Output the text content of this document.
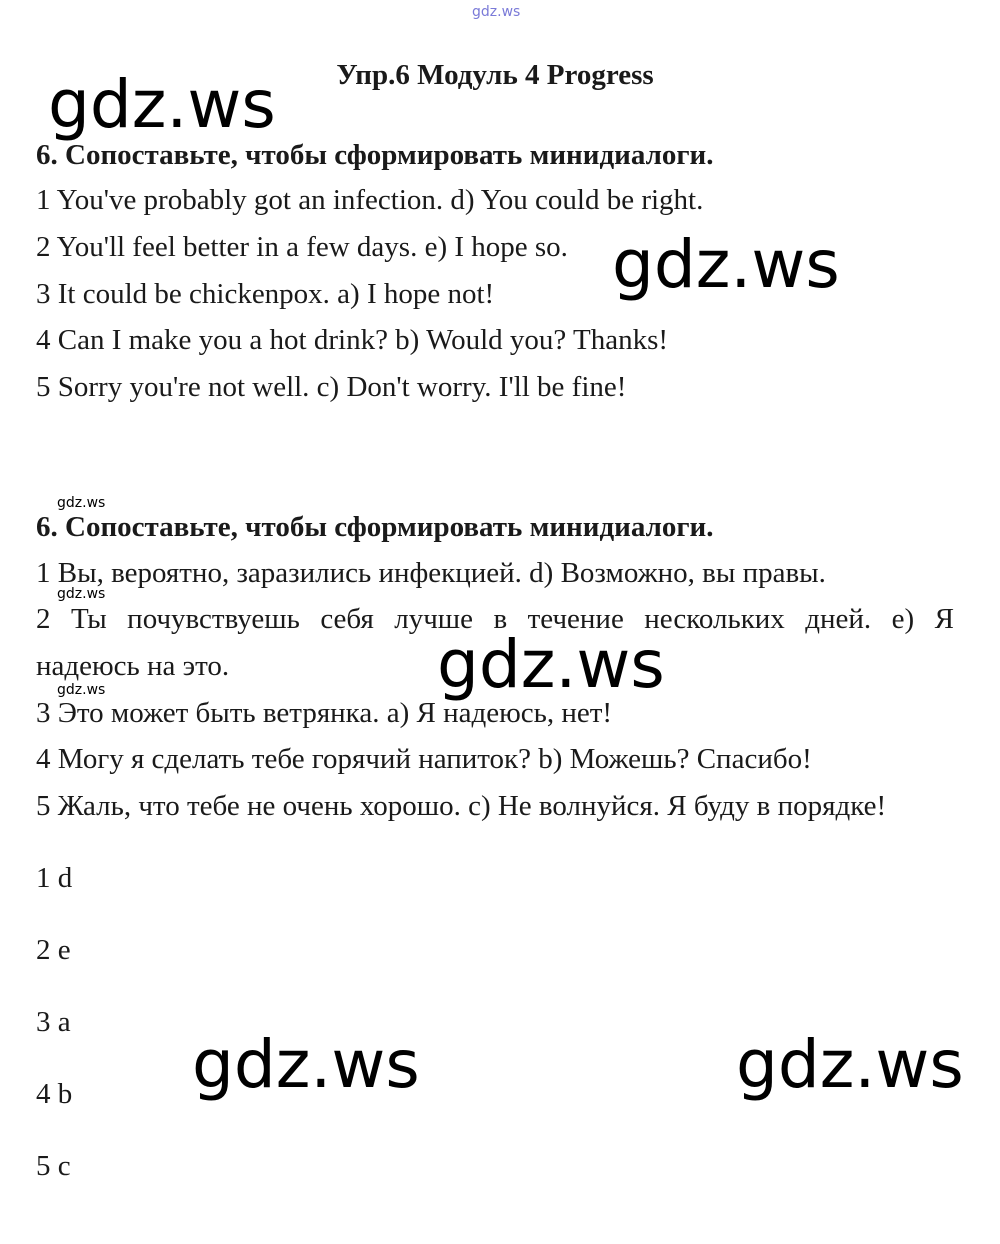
gdz.ws
Упр.6 Модуль 4 Progress
gdz.ws
gdz.ws
gdz.ws
gdz.ws	gdz.ws
6. Сопоставьте, чтобы сформировать минидиалоги.
1 You've probably got an infection. d) You could be right.
2 You'll feel better in a few days. e) I hope so.
3 It could be chickenpox. a) I hope not!
4 Can I make you a hot drink? b) Would you? Thanks!
5 Sorry you're not well. c) Don't worry. I'll be fine!
gdz.ws
6. Сопоставьте, чтобы сформировать минидиалоги.
1 Вы, вероятно, заразились инфекцией. d) Возможно, вы правы.
gdz.ws
2 Ты почувствуешь себя лучше в течение нескольких дней. e) Я
надеюсь на это.
gdz.ws
3 Это может быть ветрянка. a) Я надеюсь, нет!
4 Могу я сделать тебе горячий напиток? b) Можешь? Спасибо!
5 Жаль, что тебе не очень хорошо. c) Не волнуйся. Я буду в порядке!
1 d
2 e
3 a
4 b
5 c
